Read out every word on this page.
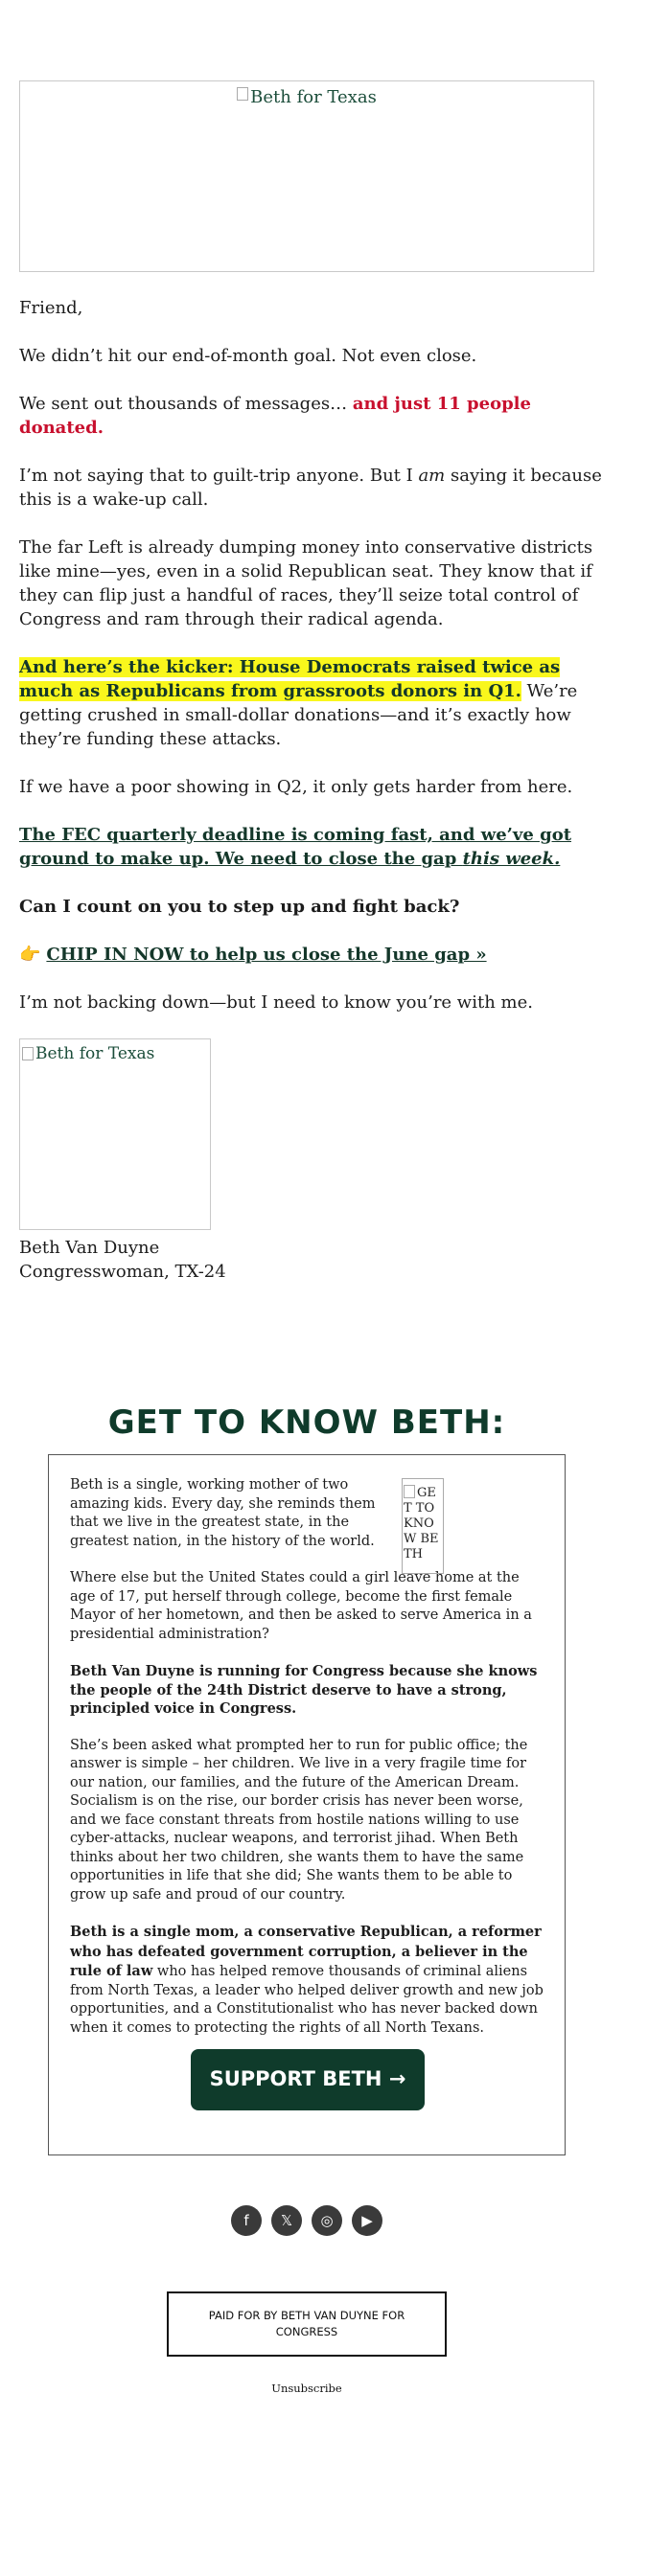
Beth for Texas

Friend,

We didn’t hit our end-of-month goal. Not even close.

We sent out thousands of messages… and just 11 people donated.

I’m not saying that to guilt-trip anyone. But I am saying it because this is a wake-up call.

The far Left is already dumping money into conservative districts like mine—yes, even in a solid Republican seat. They know that if they can flip just a handful of races, they’ll seize total control of Congress and ram through their radical agenda.

And here’s the kicker: House Democrats raised twice as much as Republicans from grassroots donors in Q1. We’re getting crushed in small-dollar donations—and it’s exactly how they’re funding these attacks.

If we have a poor showing in Q2, it only gets harder from here.

The FEC quarterly deadline is coming fast, and we’ve got ground to make up. We need to close the gap this week.

Can I count on you to step up and fight back?

👉 CHIP IN NOW to help us close the June gap »

I’m not backing down—but I need to know you’re with me.

Beth for Texas
Beth Van Duyne
Congresswoman, TX-24
GET TO KNOW BETH:
GET TO KNOW BETH

Beth is a single, working mother of two amazing kids. Every day, she reminds them that we live in the greatest state, in the greatest nation, in the history of the world.

Where else but the United States could a girl leave home at the age of 17, put herself through college, become the first female Mayor of her hometown, and then be asked to serve America in a presidential administration?

Beth Van Duyne is running for Congress because she knows the people of the 24th District deserve to have a strong, principled voice in Congress.

She’s been asked what prompted her to run for public office; the answer is simple – her children. We live in a very fragile time for our nation, our families, and the future of the American Dream. Socialism is on the rise, our border crisis has never been worse, and we face constant threats from hostile nations willing to use cyber-attacks, nuclear weapons, and terrorist jihad. When Beth thinks about her two children, she wants them to have the same opportunities in life that she did; She wants them to be able to grow up safe and proud of our country.

Beth is a single mom, a conservative Republican, a reformer who has defeated government corruption, a believer in the rule of law who has helped remove thousands of criminal aliens from North Texas, a leader who helped deliver growth and new job opportunities, and a Constitutionalist who has never backed down when it comes to protecting the rights of all North Texans.

SUPPORT BETH →
f	𝕏	◎	▶
PAID FOR BY BETH VAN DUYNE FOR CONGRESS
Unsubscribe
